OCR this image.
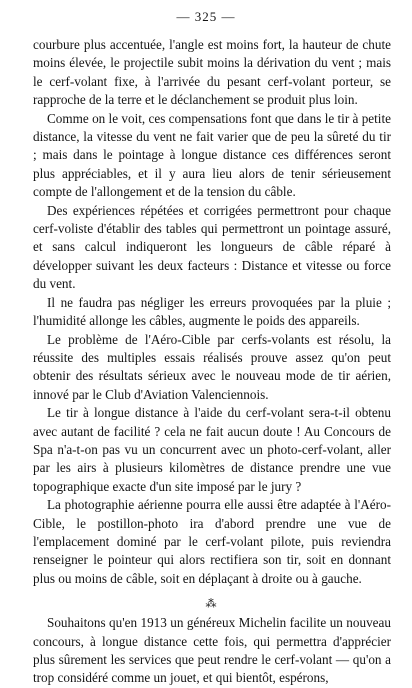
— 325 —

courbure plus accentuée, l'angle est moins fort, la hauteur de chute moins élevée, le projectile subit moins la dérivation du vent ; mais le cerf-volant fixe, à l'arrivée du pesant cerf-volant porteur, se rapproche de la terre et le déclanchement se produit plus loin.

Comme on le voit, ces compensations font que dans le tir à petite distance, la vitesse du vent ne fait varier que de peu la sûreté du tir ; mais dans le pointage à longue distance ces différences seront plus appréciables, et il y aura lieu alors de tenir sérieusement compte de l'allongement et de la tension du câble.

Des expériences répétées et corrigées permettront pour chaque cerf-voliste d'établir des tables qui permettront un pointage assuré, et sans calcul indiqueront les longueurs de câble réparé à développer suivant les deux facteurs : Distance et vitesse ou force du vent.

Il ne faudra pas négliger les erreurs provoquées par la pluie ; l'humidité allonge les câbles, augmente le poids des appareils.

Le problème de l'Aéro-Cible par cerfs-volants est résolu, la réussite des multiples essais réalisés prouve assez qu'on peut obtenir des résultats sérieux avec le nouveau mode de tir aérien, innové par le Club d'Aviation Valenciennois.

Le tir à longue distance à l'aide du cerf-volant sera-t-il obtenu avec autant de facilité ? cela ne fait aucun doute ! Au Concours de Spa n'a-t-on pas vu un concurrent avec un photo-cerf-volant, aller par les airs à plusieurs kilomètres de distance prendre une vue topographique exacte d'un site imposé par le jury ?

La photographie aérienne pourra elle aussi être adaptée à l'Aéro-Cible, le postillon-photo ira d'abord prendre une vue de l'emplacement dominé par le cerf-volant pilote, puis reviendra renseigner le pointeur qui alors rectifiera son tir, soit en donnant plus ou moins de câble, soit en déplaçant à droite ou à gauche.

⁂

Souhaitons qu'en 1913 un généreux Michelin facilite un nouveau concours, à longue distance cette fois, qui permettra d'apprécier plus sûrement les services que peut rendre le cerf-volant — qu'on a trop considéré comme un jouet, et qui bientôt, espérons,
